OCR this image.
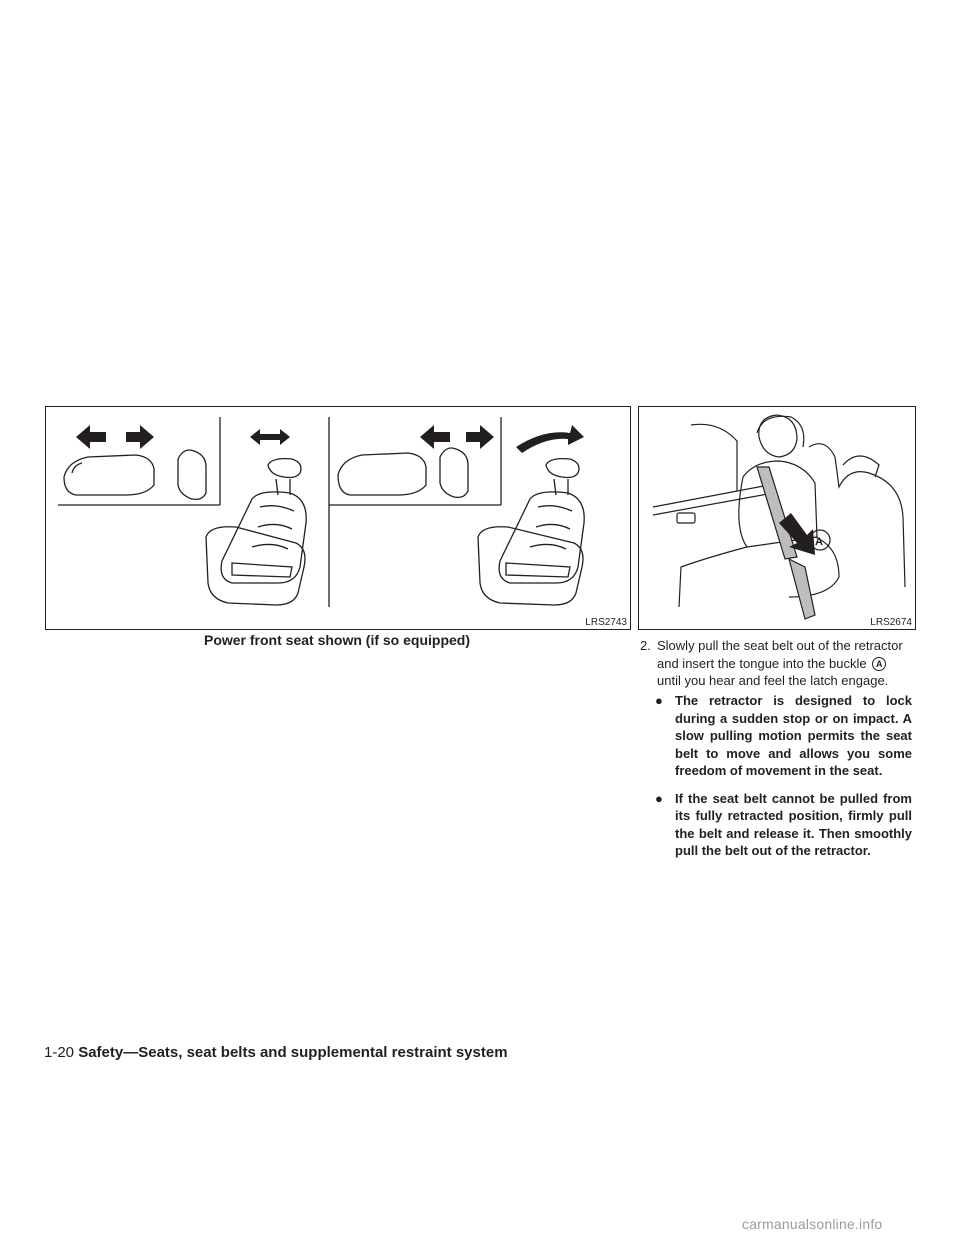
LRS2743
A
LRS2674
Power front seat shown (if so equipped)	2. Slowly pull the seat belt out of the retractor and insert the tongue into the buckle A until you hear and feel the latch engage.

● The retractor is designed to lock during a sudden stop or on impact. A slow pulling motion permits the seat belt to move and allows you some freedom of movement in the seat.
● If the seat belt cannot be pulled from its fully retracted position, firmly pull the belt and release it. Then smoothly pull the belt out of the retractor.
1-20 Safety—Seats, seat belts and supplemental restraint system
carmanualsonline.info
